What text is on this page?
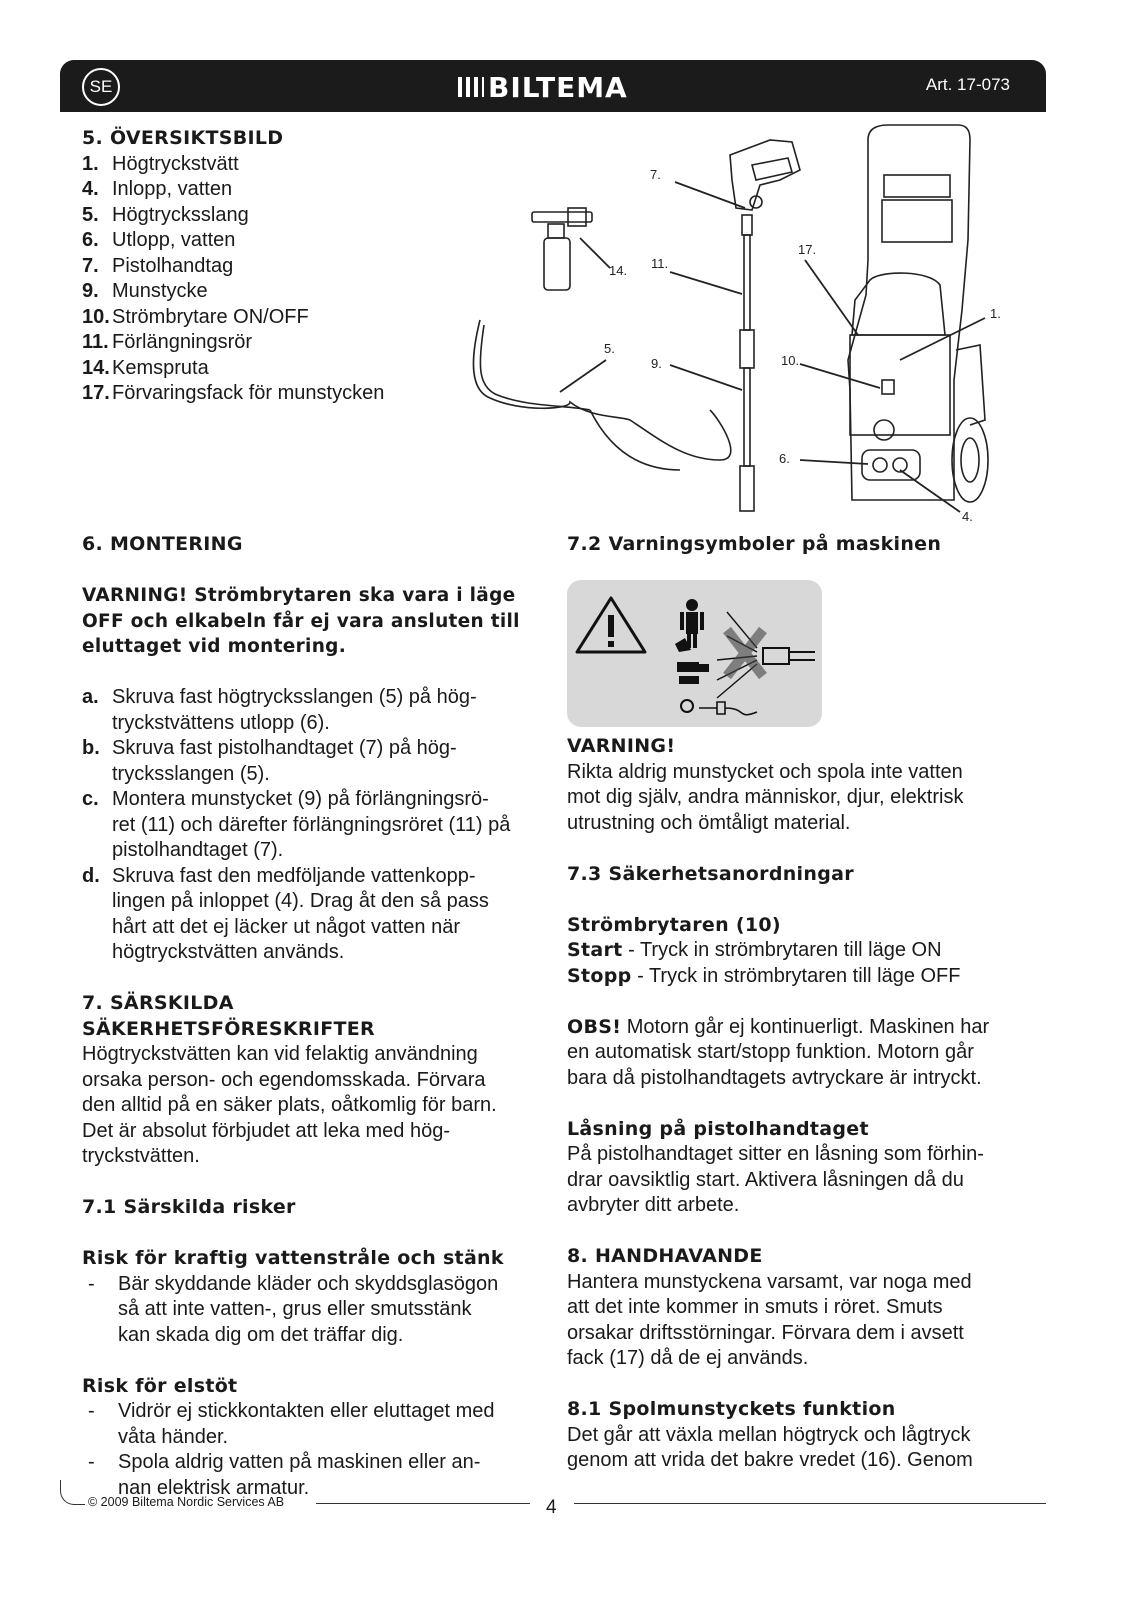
SE	BILTEMA	Art. 17-073
5. ÖVERSIKTSBILD
1. Högtryckstvätt
4. Inlopp, vatten
5. Högtrycksslang
6. Utlopp, vatten
7. Pistolhandtag
9. Munstycke
10. Strömbrytare ON/OFF
11. Förlängningsrör
14. Kemspruta
17. Förvaringsfack för munstycken
7.
14. 11.
17.
1.
5.
9.	10.
6.
4.
6. MONTERING
VARNING! Strömbrytaren ska vara i läge
OFF och elkabeln får ej vara ansluten till
eluttaget vid montering.
a. Skruva fast högtrycksslangen (5) på hög-
tryckstvättens utlopp (6).
b. Skruva fast pistolhandtaget (7) på hög-
trycksslangen (5).
c. Montera munstycket (9) på förlängningsrö-
ret (11) och därefter förlängningsröret (11) på
pistolhandtaget (7).
d. Skruva fast den medföljande vattenkopp-
lingen på inloppet (4). Drag åt den så pass
hårt att det ej läcker ut något vatten när
högtryckstvätten används.
7. SÄRSKILDA
SÄKERHETSFÖRESKRIFTER
Högtryckstvätten kan vid felaktig användning
orsaka person- och egendomsskada. Förvara
den alltid på en säker plats, oåtkomlig för barn.
Det är absolut förbjudet att leka med hög-
tryckstvätten.
7.1 Särskilda risker
Risk för kraftig vattenstråle och stänk
-	Bär skyddande kläder och skyddsglasögon
så att inte vatten-, grus eller smutsstänk
kan skada dig om det träffar dig.
Risk för elstöt
-	Vidrör ej stickkontakten eller eluttaget med
våta händer.
-	Spola aldrig vatten på maskinen eller an-
nan elektrisk armatur.
7.2 Varningsymboler på maskinen
VARNING!
Rikta aldrig munstycket och spola inte vatten
mot dig själv, andra människor, djur, elektrisk
utrustning och ömtåligt material.
7.3 Säkerhetsanordningar
Strömbrytaren (10)
Start - Tryck in strömbrytaren till läge ON
Stopp - Tryck in strömbrytaren till läge OFF
OBS! Motorn går ej kontinuerligt. Maskinen har
en automatisk start/stopp funktion. Motorn går
bara då pistolhandtagets avtryckare är intryckt.
Låsning på pistolhandtaget
På pistolhandtaget sitter en låsning som förhin-
drar oavsiktlig start. Aktivera låsningen då du
avbryter ditt arbete.
8. HANDHAVANDE
Hantera munstyckena varsamt, var noga med
att det inte kommer in smuts i röret. Smuts
orsakar driftsstörningar. Förvara dem i avsett
fack (17) då de ej används.
8.1 Spolmunstyckets funktion
Det går att växla mellan högtryck och lågtryck
genom att vrida det bakre vredet (16). Genom
© 2009 Biltema Nordic Services AB	4
